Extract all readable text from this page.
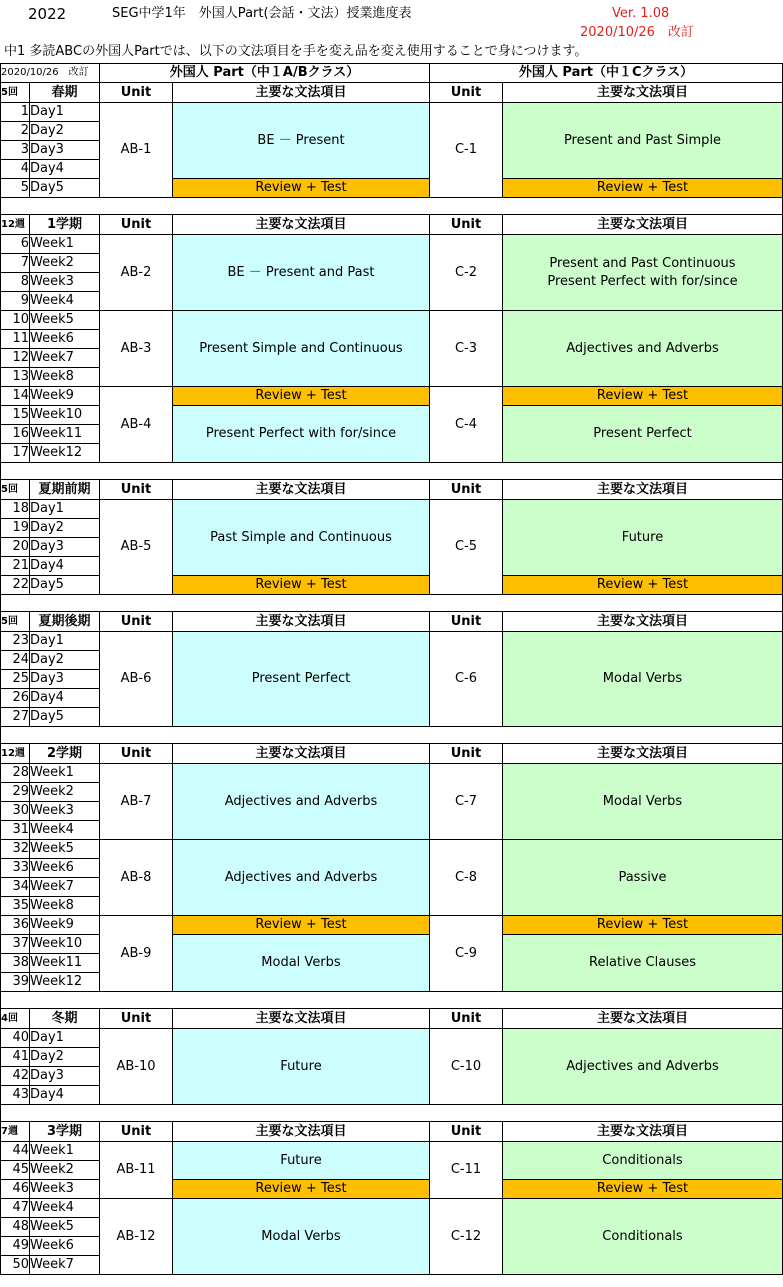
2022	SEG中学1年　外国人Part(会話・文法）授業進度表	Ver. 1.08
2020/10/26　改訂
中1 多読ABCの外国人Partでは、以下の文法項目を手を変え品を変え使用することで身につけます。
2020/10/26　改訂		外国人 Part（中１A/Bクラス）		外国人 Part（中１Cクラス）	
5回	春期	Unit	主要な文法項目	Unit	主要な文法項目
1	Day1	AB-1	BE － Present	C-1	Present and Past Simple
2	Day2				
3	Day3				
4	Day4				
5	Day5		Review + Test		Review + Test

12週	1学期	Unit	主要な文法項目	Unit	主要な文法項目
6	Week1	AB-2	BE － Present and Past	C-2	Present and Past Continuous
Present Perfect with for/since

7	Week2				
8	Week3				
9	Week4				
10	Week5	AB-3	Present Simple and Continuous	C-3	Adjectives and Adverbs
11	Week6				
12	Week7				
13	Week8				
14	Week9	AB-4	Review + Test	C-4	Review + Test
15	Week10		Present Perfect with for/since		Present Perfect
16	Week11				
17	Week12				

5回	夏期前期	Unit	主要な文法項目	Unit	主要な文法項目
18	Day1	AB-5	Past Simple and Continuous	C-5	Future
19	Day2				
20	Day3				
21	Day4				
22	Day5		Review + Test		Review + Test

5回	夏期後期	Unit	主要な文法項目	Unit	主要な文法項目
23	Day1	AB-6	Present Perfect	C-6	Modal Verbs
24	Day2				
25	Day3				
26	Day4				
27	Day5				

12週	2学期	Unit	主要な文法項目	Unit	主要な文法項目
28	Week1	AB-7	Adjectives and Adverbs	C-7	Modal Verbs
29	Week2				
30	Week3				
31	Week4				
32	Week5	AB-8	Adjectives and Adverbs	C-8	Passive
33	Week6				
34	Week7				
35	Week8				
36	Week9	AB-9	Review + Test	C-9	Review + Test
37	Week10		Modal Verbs		Relative Clauses
38	Week11				
39	Week12				

4回	冬期	Unit	主要な文法項目	Unit	主要な文法項目
40	Day1	AB-10	Future	C-10	Adjectives and Adverbs
41	Day2				
42	Day3				
43	Day4				

7週	3学期	Unit	主要な文法項目	Unit	主要な文法項目
44	Week1	AB-11	Future	C-11	Conditionals
45	Week2				
46	Week3		Review + Test		Review + Test
47	Week4	AB-12	Modal Verbs	C-12	Conditionals
48	Week5				
49	Week6				
50	Week7				
